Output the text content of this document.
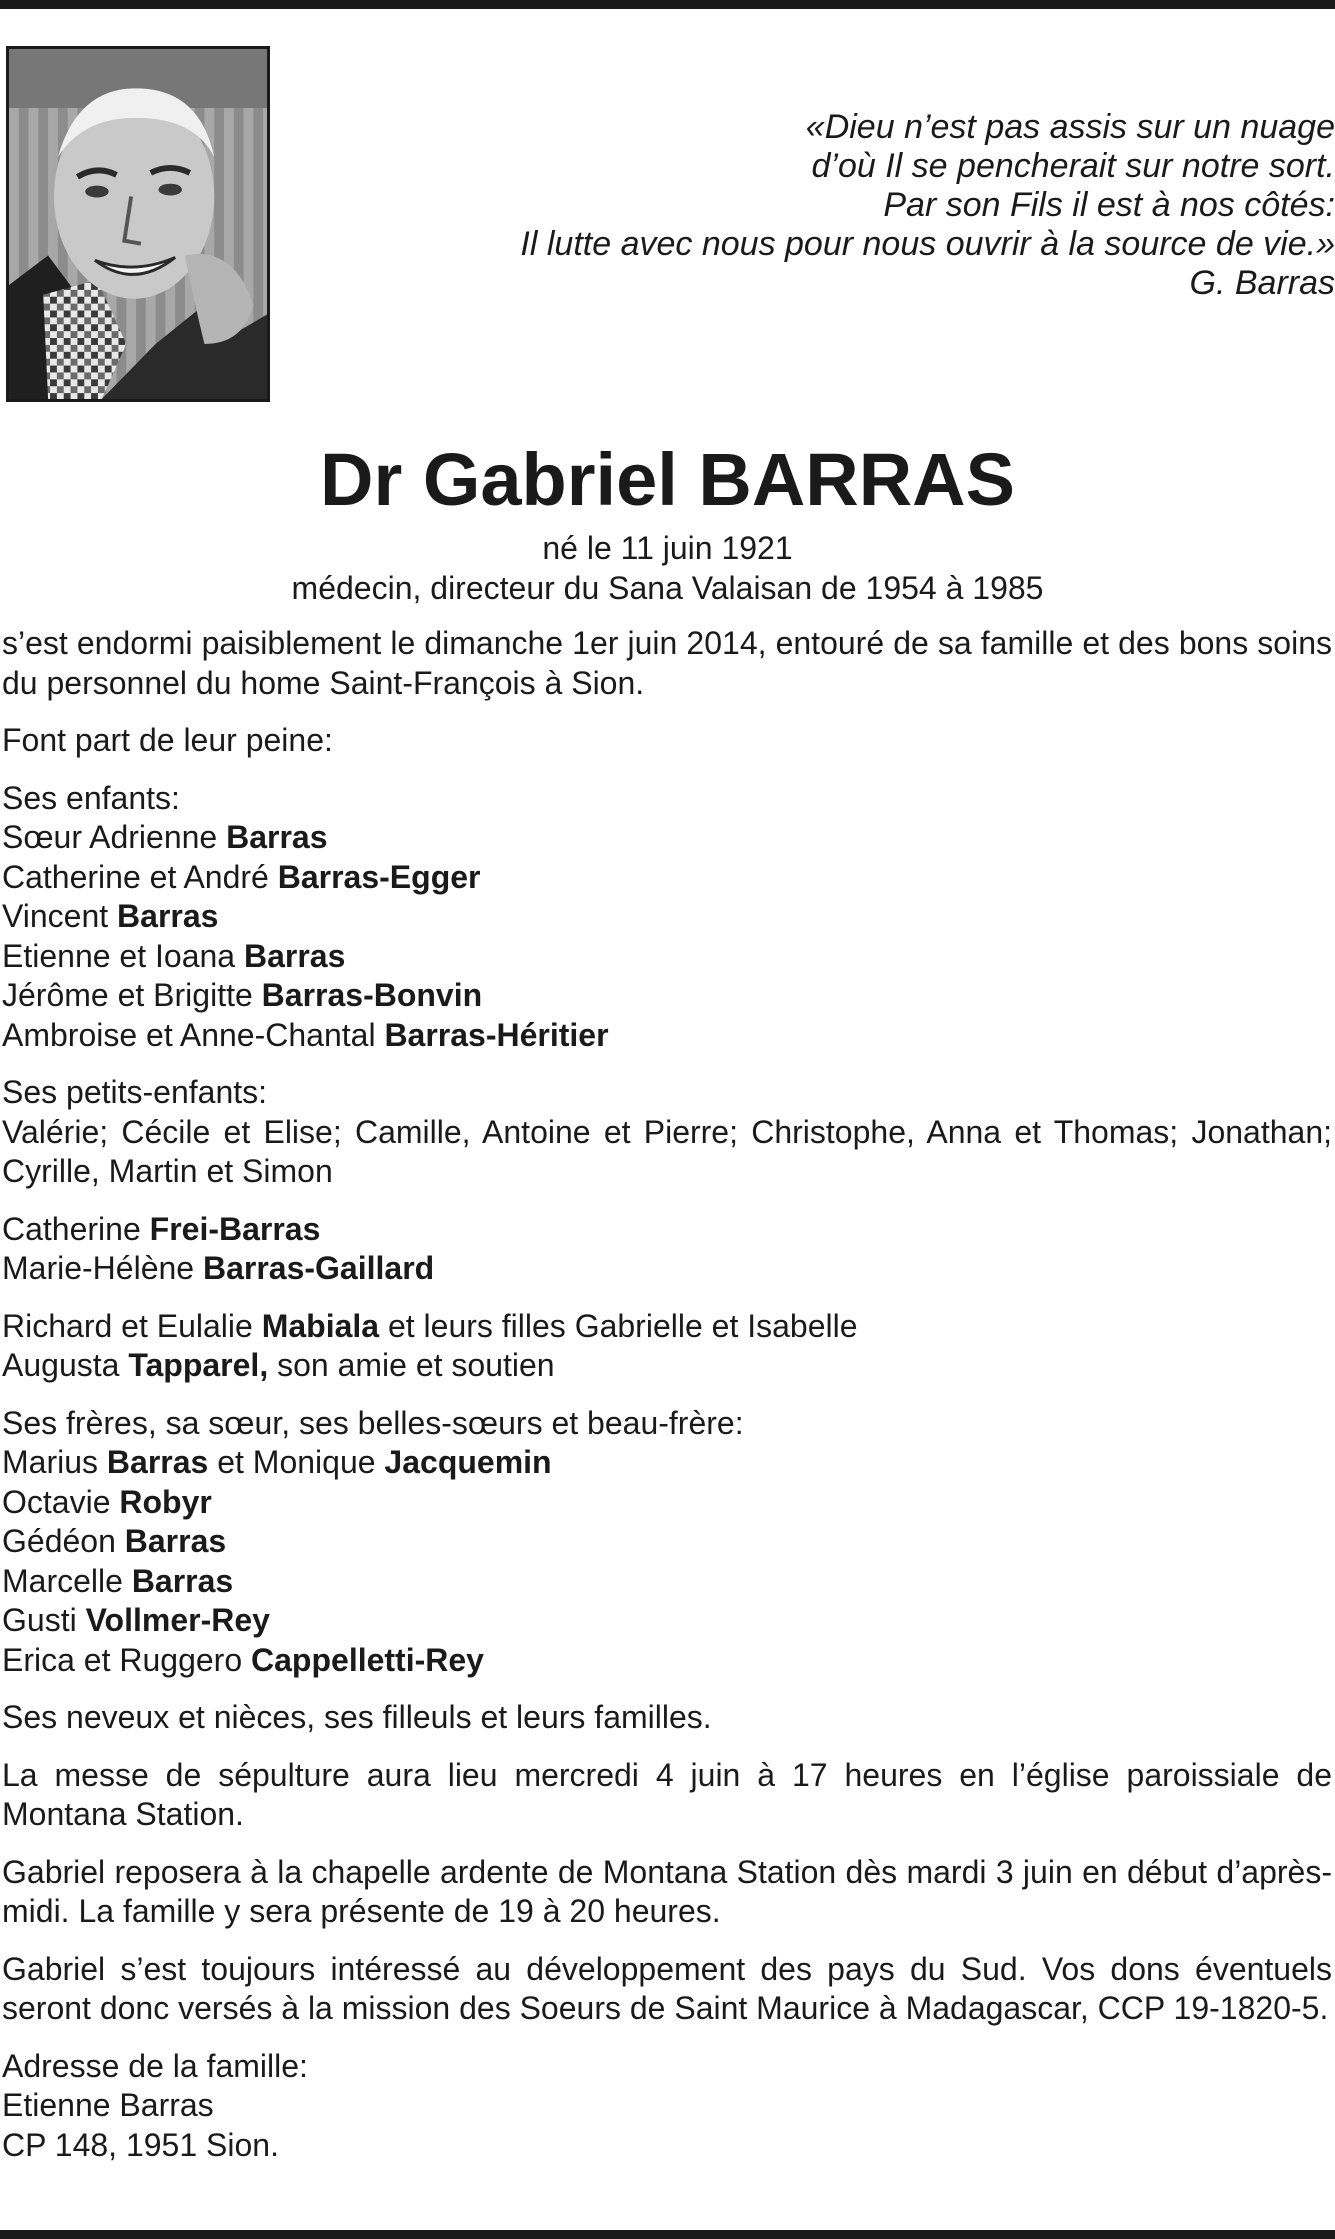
«Dieu n’est pas assis sur un nuage
d’où Il se pencherait sur notre sort.
Par son Fils il est à nos côtés:
Il lutte avec nous pour nous ouvrir à la source de vie.»
G. Barras
Dr Gabriel BARRAS
né le 11 juin 1921
médecin, directeur du Sana Valaisan de 1954 à 1985
s’est endormi paisiblement le dimanche 1er juin 2014, entouré de sa famille et des bons soins du personnel du home Saint-François à Sion.
Font part de leur peine:
Ses enfants:
Sœur Adrienne Barras
Catherine et André Barras-Egger
Vincent Barras
Etienne et Ioana Barras
Jérôme et Brigitte Barras-Bonvin
Ambroise et Anne-Chantal Barras-Héritier
Ses petits-enfants:
Valérie; Cécile et Elise; Camille, Antoine et Pierre; Christophe, Anna et Thomas; Jonathan; Cyrille, Martin et Simon
Catherine Frei-Barras
Marie-Hélène Barras-Gaillard
Richard et Eulalie Mabiala et leurs filles Gabrielle et Isabelle
Augusta Tapparel, son amie et soutien
Ses frères, sa sœur, ses belles-sœurs et beau-frère:
Marius Barras et Monique Jacquemin
Octavie Robyr
Gédéon Barras
Marcelle Barras
Gusti Vollmer-Rey
Erica et Ruggero Cappelletti-Rey
Ses neveux et nièces, ses filleuls et leurs familles.
La messe de sépulture aura lieu mercredi 4 juin à 17 heures en l’église paroissiale de Montana Station.
Gabriel reposera à la chapelle ardente de Montana Station dès mardi 3 juin en début d’après-midi. La famille y sera présente de 19 à 20 heures.
Gabriel s’est toujours intéressé au développement des pays du Sud. Vos dons éventuels seront donc versés à la mission des Soeurs de Saint Maurice à Madagascar, CCP 19-1820-5.
Adresse de la famille:
Etienne Barras
CP 148, 1951 Sion.
